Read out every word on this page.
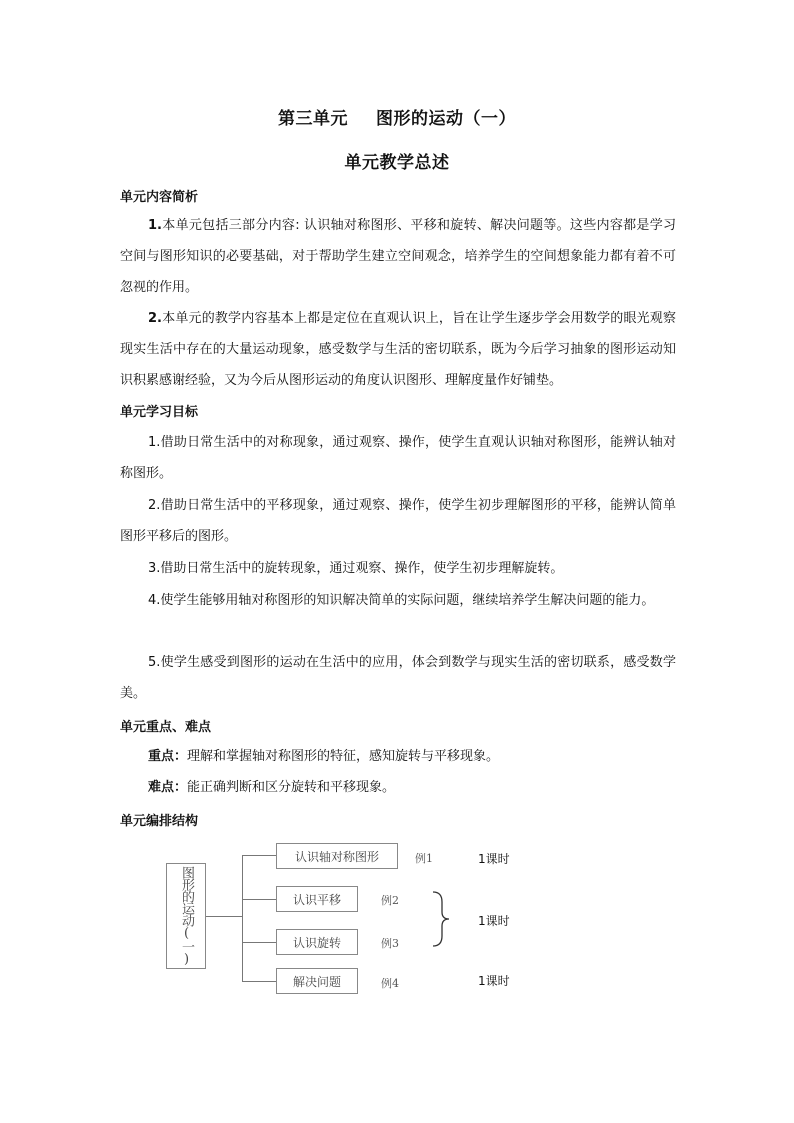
第三单元 图形的运动（一）
单元教学总述
单元内容简析

1.本单元包括三部分内容: 认识轴对称图形、平移和旋转、解决问题等。这些内容都是学习空间与图形知识的必要基础，对于帮助学生建立空间观念，培养学生的空间想象能力都有着不可忽视的作用。

2.本单元的教学内容基本上都是定位在直观认识上，旨在让学生逐步学会用数学的眼光观察现实生活中存在的大量运动现象，感受数学与生活的密切联系，既为今后学习抽象的图形运动知识积累感谢经验，又为今后从图形运动的角度认识图形、理解度量作好铺垫。

单元学习目标

1.借助日常生活中的对称现象，通过观察、操作，使学生直观认识轴对称图形，能辨认轴对称图形。

2.借助日常生活中的平移现象，通过观察、操作，使学生初步理解图形的平移，能辨认简单图形平移后的图形。

3.借助日常生活中的旋转现象，通过观察、操作，使学生初步理解旋转。

4.使学生能够用轴对称图形的知识解决简单的实际问题，继续培养学生解决问题的能力。

5.使学生感受到图形的运动在生活中的应用，体会到数学与现实生活的密切联系，感受数学美。

单元重点、难点

重点：理解和掌握轴对称图形的特征，感知旋转与平移现象。

难点：能正确判断和区分旋转和平移现象。

单元编排结构
图形的运动(一)
认识轴对称图形
认识平移
认识旋转
解决问题
例1
例2
例3
例4
1课时
1课时
1课时
